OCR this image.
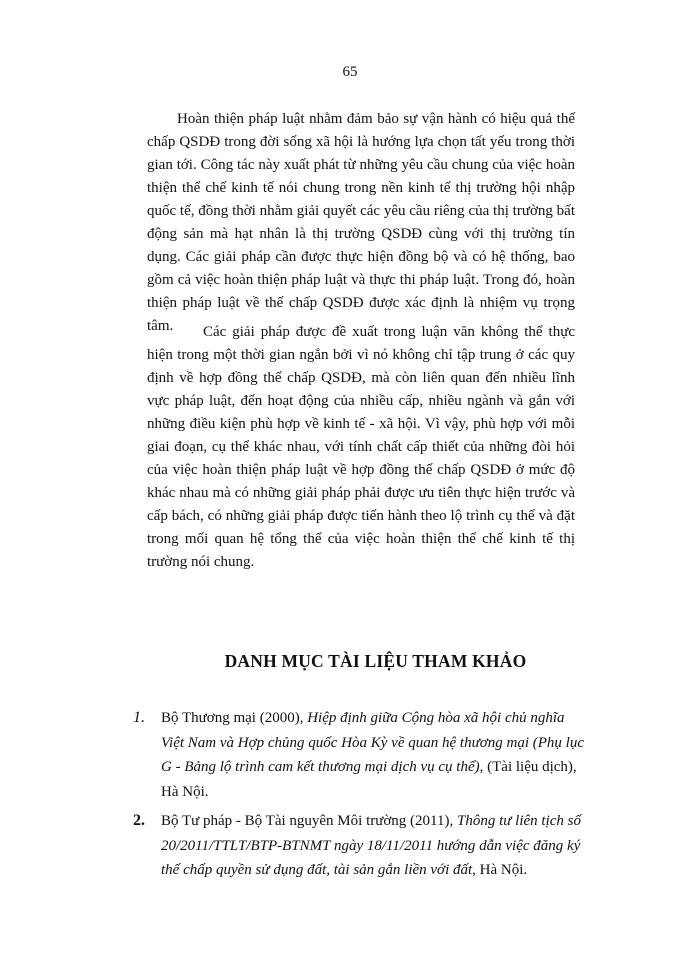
65

Hoàn thiện pháp luật nhằm đảm bảo sự vận hành có hiệu quả thế chấp QSDĐ trong đời sống xã hội là hướng lựa chọn tất yếu trong thời gian tới. Công tác này xuất phát từ những yêu cầu chung của việc hoàn thiện thể chế kinh tế nói chung trong nền kinh tế thị trường hội nhập quốc tế, đồng thời nhằm giải quyết các yêu cầu riêng của thị trường bất động sản mà hạt nhân là thị trường QSDĐ cùng với thị trường tín dụng. Các giải pháp cần được thực hiện đồng bộ và có hệ thống, bao gồm cả việc hoàn thiện pháp luật và thực thi pháp luật. Trong đó, hoàn thiện pháp luật về thế chấp QSDĐ được xác định là nhiệm vụ trọng tâm.	Các giải pháp được đề xuất trong luận văn không thể thực hiện trong một thời gian ngắn bởi vì nó không chỉ tập trung ở các quy định về hợp đồng thế chấp QSDĐ, mà còn liên quan đến nhiều lĩnh vực pháp luật, đến hoạt động của nhiều cấp, nhiều ngành và gắn với những điều kiện phù hợp về kinh tế - xã hội. Vì vậy, phù hợp với mỗi giai đoạn, cụ thể khác nhau, với tính chất cấp thiết của những đòi hỏi của việc hoàn thiện pháp luật về hợp đồng thế chấp QSDĐ ở mức độ khác nhau mà có những giải pháp phải được ưu tiên thực hiện trước và cấp bách, có những giải pháp được tiến hành theo lộ trình cụ thể và đặt trong mối quan hệ tổng thể của việc hoàn thiện thể chế kinh tế thị trường nói chung.

DANH MỤC TÀI LIỆU THAM KHẢO
1. Bộ Thương mại (2000), Hiệp định giữa Cộng hòa xã hội chủ nghĩa Việt Nam và Hợp chủng quốc Hòa Kỳ về quan hệ thương mại (Phụ lục G - Bảng lộ trình cam kết thương mại dịch vụ cụ thể), (Tài liệu dịch), Hà Nội.
2. Bộ Tư pháp - Bộ Tài nguyên Môi trường (2011), Thông tư liên tịch số 20/2011/TTLT/BTP-BTNMT ngày 18/11/2011 hướng dẫn việc đăng ký thế chấp quyền sử dụng đất, tài sản gắn liền với đất, Hà Nội.
